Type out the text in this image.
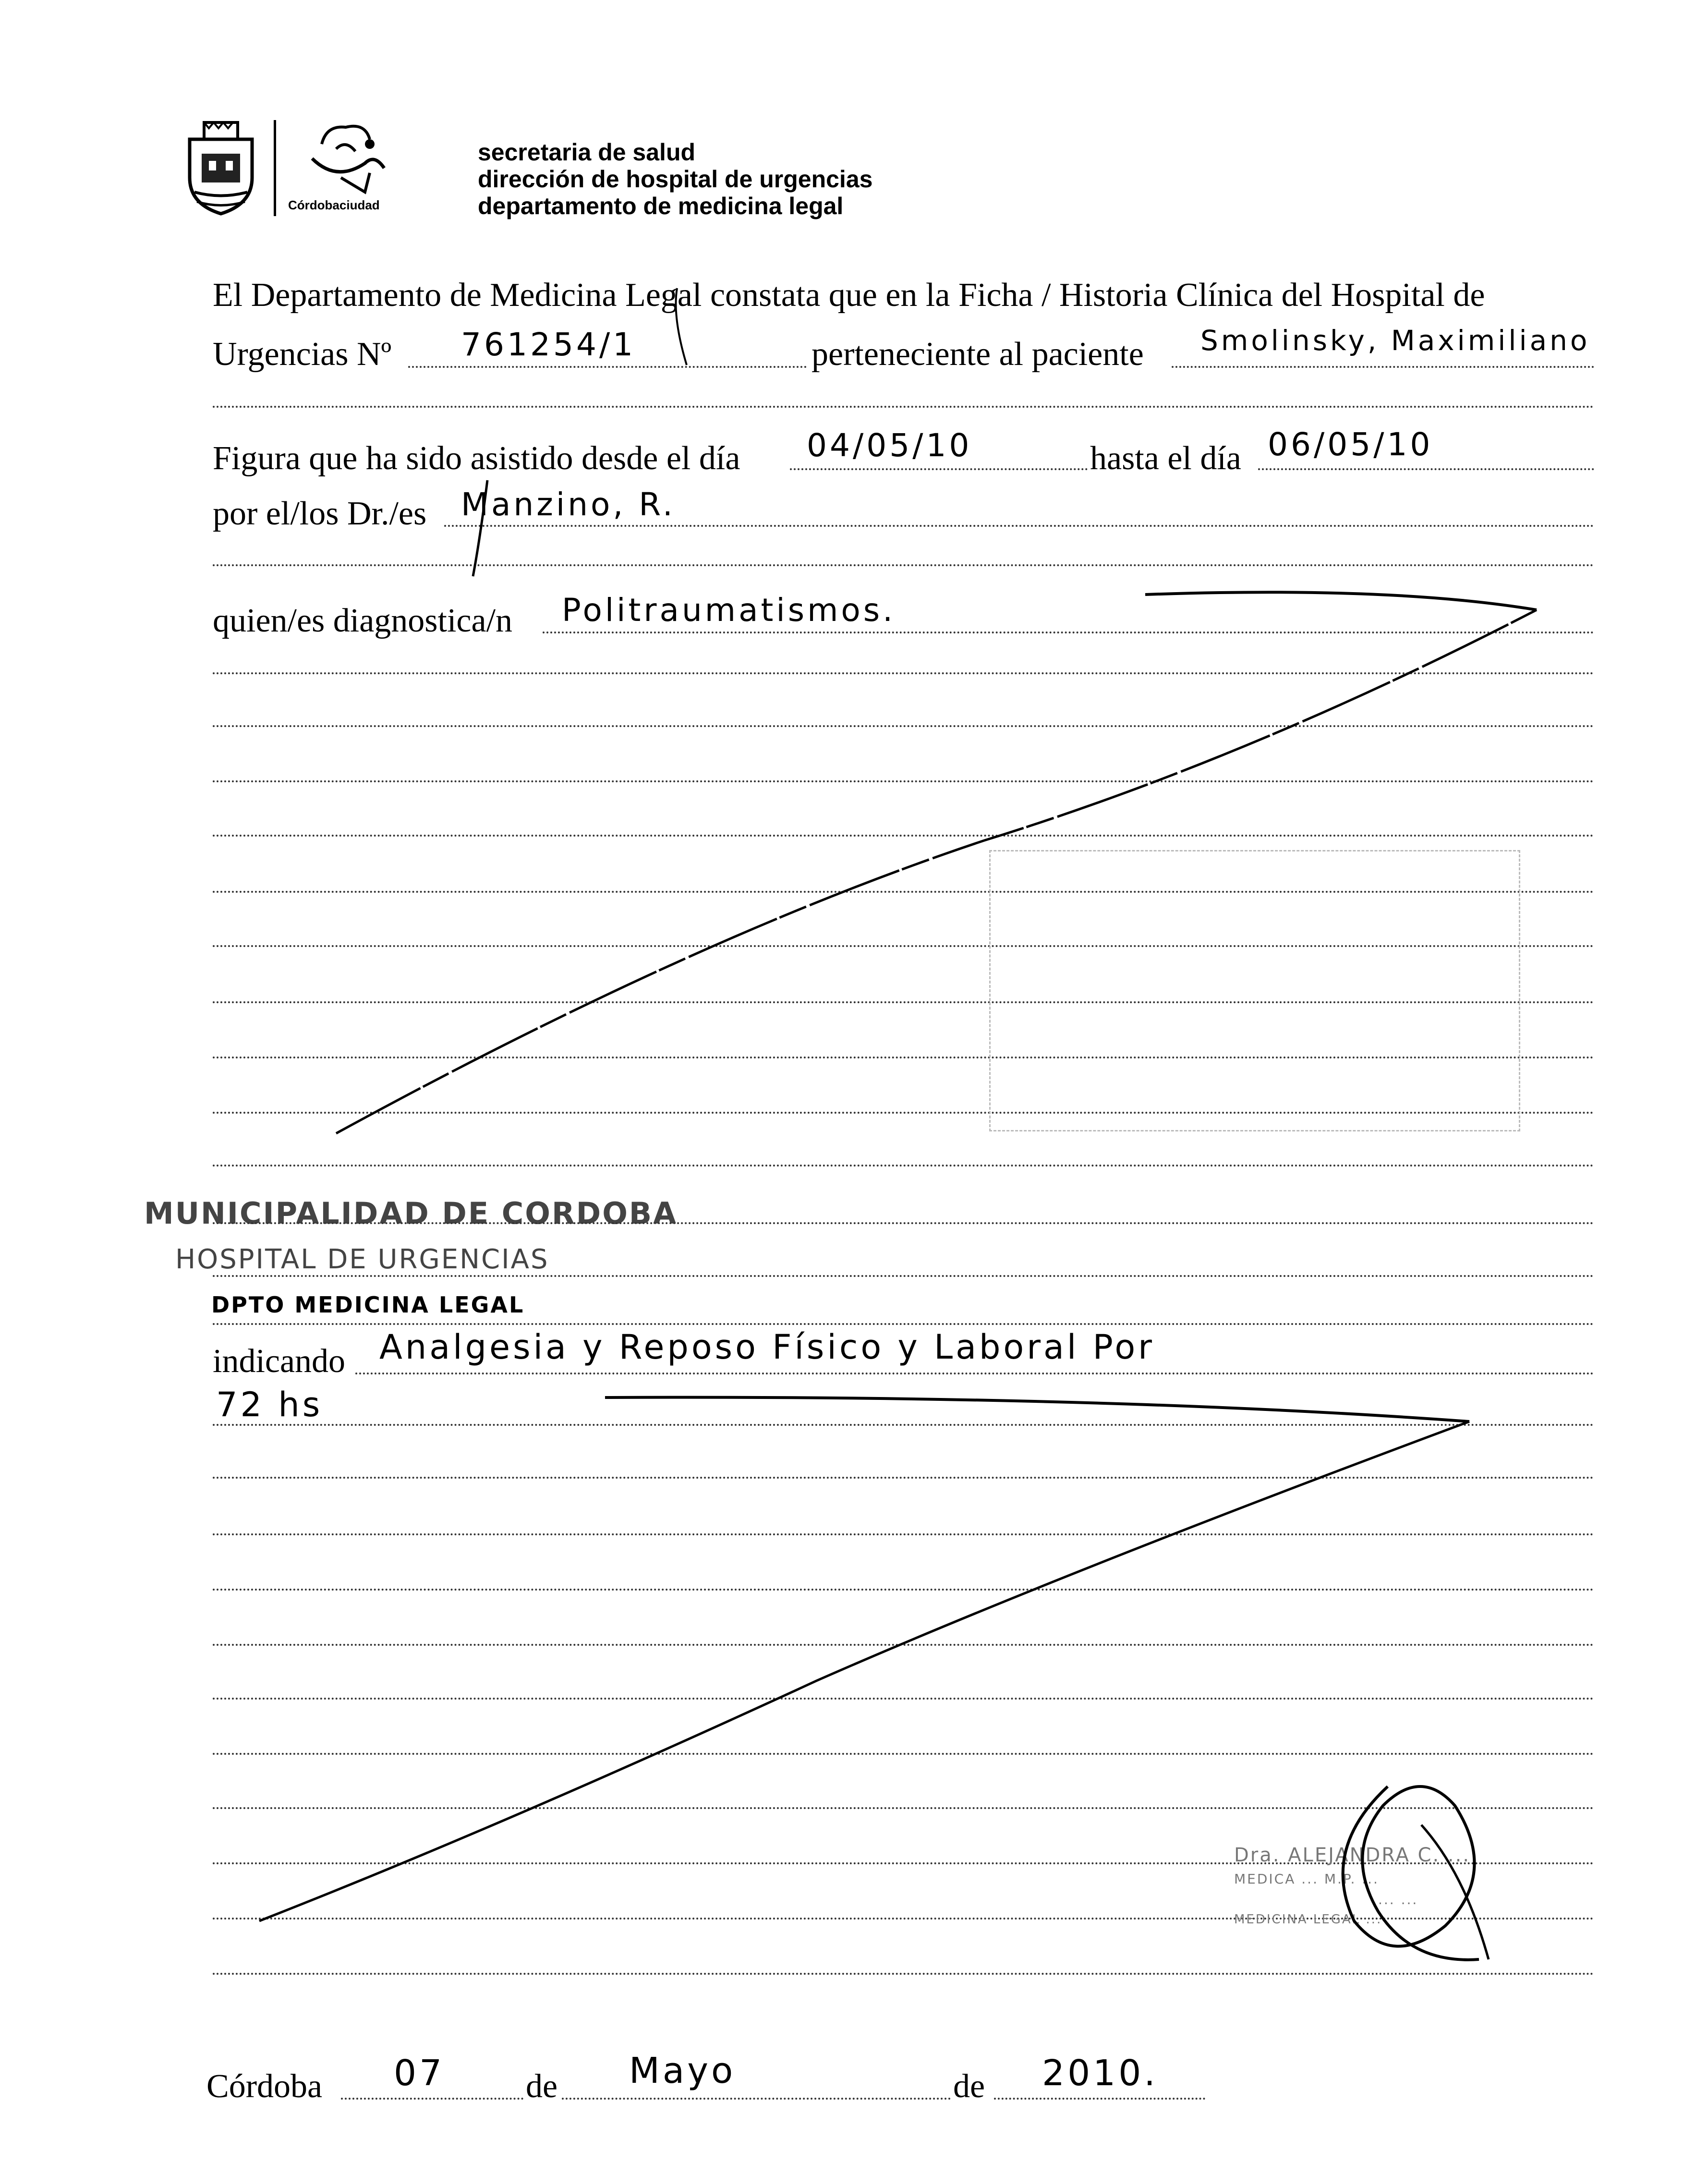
Córdobaciudad
secretaria de salud
dirección de hospital de urgencias
departamento de medicina legal
El Departamento de Medicina Legal constata que en la Ficha / Historia Clínica del Hospital de
Urgencias Nº 761254/1	perteneciente al paciente Smolinsky, Maximiliano
Figura que ha sido asistido desde el día 04/05/10	hasta el día 06/05/10
por el/los Dr./es Manzino, R.
quien/es diagnostica/n Politraumatismos.
MUNICIPALIDAD DE CORDOBA
HOSPITAL DE URGENCIAS
DPTO MEDICINA LEGAL
indicando Analgesia y Reposo Físico y Laboral Por
72 hs
Dra. ALEJANDRA C. ...
MEDICA ... M.P. ...
... ...
MEDICINA LEGAL ...
Córdoba 07 de Mayo	de 2010.
